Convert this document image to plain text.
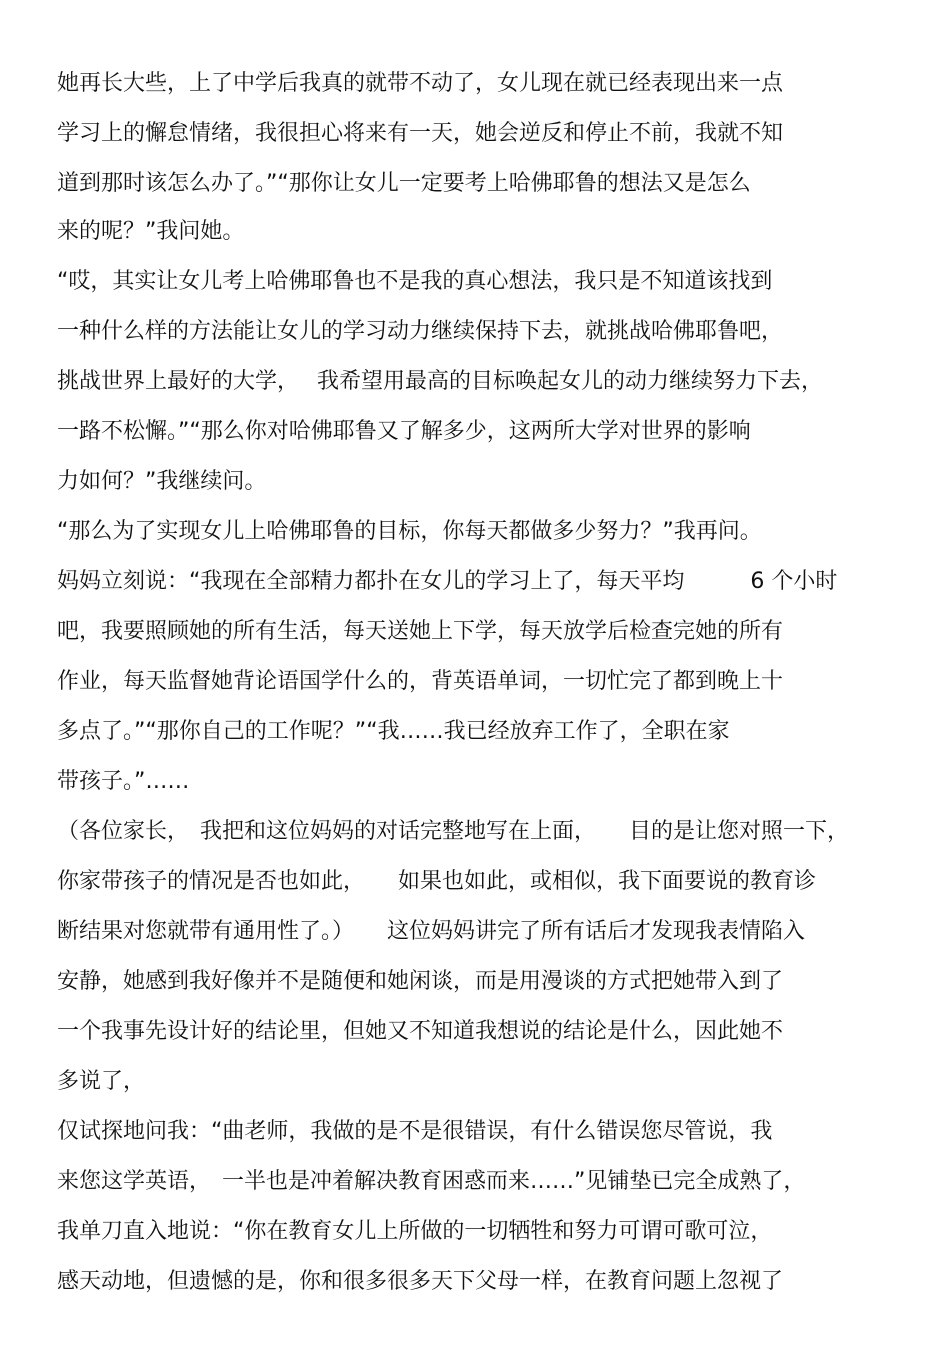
她再长大些，上了中学后我真的就带不动了，女儿现在就已经表现出来一点

学习上的懈怠情绪，我很担心将来有一天，她会逆反和停止不前，我就不知

道到那时该怎么办了。”“那你让女儿一定要考上哈佛耶鲁的想法又是怎么

来的呢？”我问她。

“哎，其实让女儿考上哈佛耶鲁也不是我的真心想法，我只是不知道该找到

一种什么样的方法能让女儿的学习动力继续保持下去，就挑战哈佛耶鲁吧，

挑战世界上最好的大学，　 我希望用最高的目标唤起女儿的动力继续努力下去，

一路不松懈。”“那么你对哈佛耶鲁又了解多少，这两所大学对世界的影响

力如何？”我继续问。

“那么为了实现女儿上哈佛耶鲁的目标，你每天都做多少努力？”我再问。

妈妈立刻说：“我现在全部精力都扑在女儿的学习上了，每天平均　　　6 个小时

吧，我要照顾她的所有生活，每天送她上下学，每天放学后检查完她的所有

作业，每天监督她背论语国学什么的，背英语单词，一切忙完了都到晚上十

多点了。”“那你自己的工作呢？”“我……我已经放弃工作了，全职在家

带孩子。”……

（各位家长，　我把和这位妈妈的对话完整地写在上面，　　目的是让您对照一下，

你家带孩子的情况是否也如此，　　如果也如此，或相似，我下面要说的教育诊

断结果对您就带有通用性了。）　　这位妈妈讲完了所有话后才发现我表情陷入

安静，她感到我好像并不是随便和她闲谈，而是用漫谈的方式把她带入到了

一个我事先设计好的结论里，但她又不知道我想说的结论是什么，因此她不

多说了，

仅试探地问我：“曲老师，我做的是不是很错误，有什么错误您尽管说，我

来您这学英语，　一半也是冲着解决教育困惑而来……”见铺垫已完全成熟了，

我单刀直入地说：“你在教育女儿上所做的一切牺牲和努力可谓可歌可泣，

感天动地，但遗憾的是，你和很多很多天下父母一样，在教育问题上忽视了
